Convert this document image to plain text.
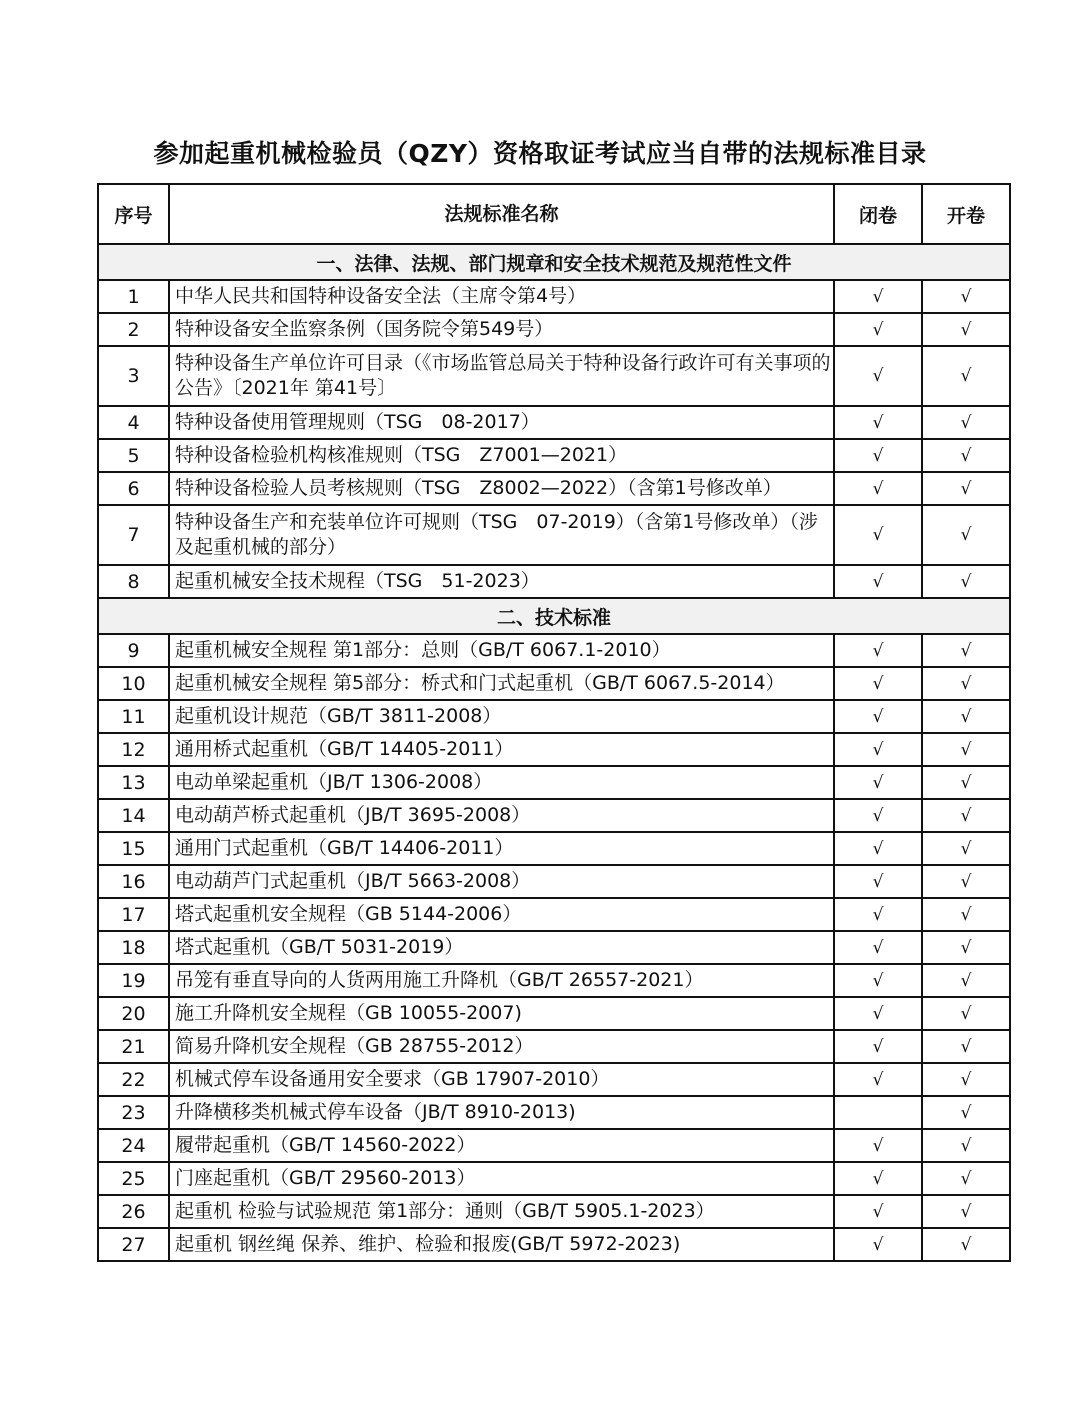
参加起重机械检验员（QZY）资格取证考试应当自带的法规标准目录
序号	法规标准名称	闭卷	开卷
一、法律、法规、部门规章和安全技术规范及规范性文件			
1	中华人民共和国特种设备安全法（主席令第4号）	√	√
2	特种设备安全监察条例（国务院令第549号）	√	√
3	特种设备生产单位许可目录（《市场监管总局关于特种设备行政许可有关事项的公告》〔2021年 第41号〕	√	√
4	特种设备使用管理规则（TSG　08-2017）	√	√
5	特种设备检验机构核准规则（TSG　Z7001—2021）	√	√
6	特种设备检验人员考核规则（TSG　Z8002—2022）（含第1号修改单）	√	√
7	特种设备生产和充装单位许可规则（TSG　07-2019）（含第1号修改单）（涉及起重机械的部分）	√	√
8	起重机械安全技术规程（TSG　51-2023）	√	√
二、技术标准			
9	起重机械安全规程 第1部分：总则（GB/T 6067.1-2010）	√	√
10	起重机械安全规程 第5部分：桥式和门式起重机（GB/T 6067.5-2014）	√	√
11	起重机设计规范（GB/T 3811-2008）	√	√
12	通用桥式起重机（GB/T 14405-2011）	√	√
13	电动单梁起重机（JB/T 1306-2008）	√	√
14	电动葫芦桥式起重机（JB/T 3695-2008）	√	√
15	通用门式起重机（GB/T 14406-2011）	√	√
16	电动葫芦门式起重机（JB/T 5663-2008）	√	√
17	塔式起重机安全规程（GB 5144-2006）	√	√
18	塔式起重机（GB/T 5031-2019）	√	√
19	吊笼有垂直导向的人货两用施工升降机（GB/T 26557-2021）	√	√
20	施工升降机安全规程（GB 10055-2007)	√	√
21	简易升降机安全规程（GB 28755-2012）	√	√
22	机械式停车设备通用安全要求（GB 17907-2010）	√	√
23	升降横移类机械式停车设备（JB/T 8910-2013)		√
24	履带起重机（GB/T 14560-2022）	√	√
25	门座起重机（GB/T 29560-2013）	√	√
26	起重机 检验与试验规范 第1部分：通则（GB/T 5905.1-2023）	√	√
27	起重机 钢丝绳 保养、维护、检验和报废(GB/T 5972-2023)	√	√
